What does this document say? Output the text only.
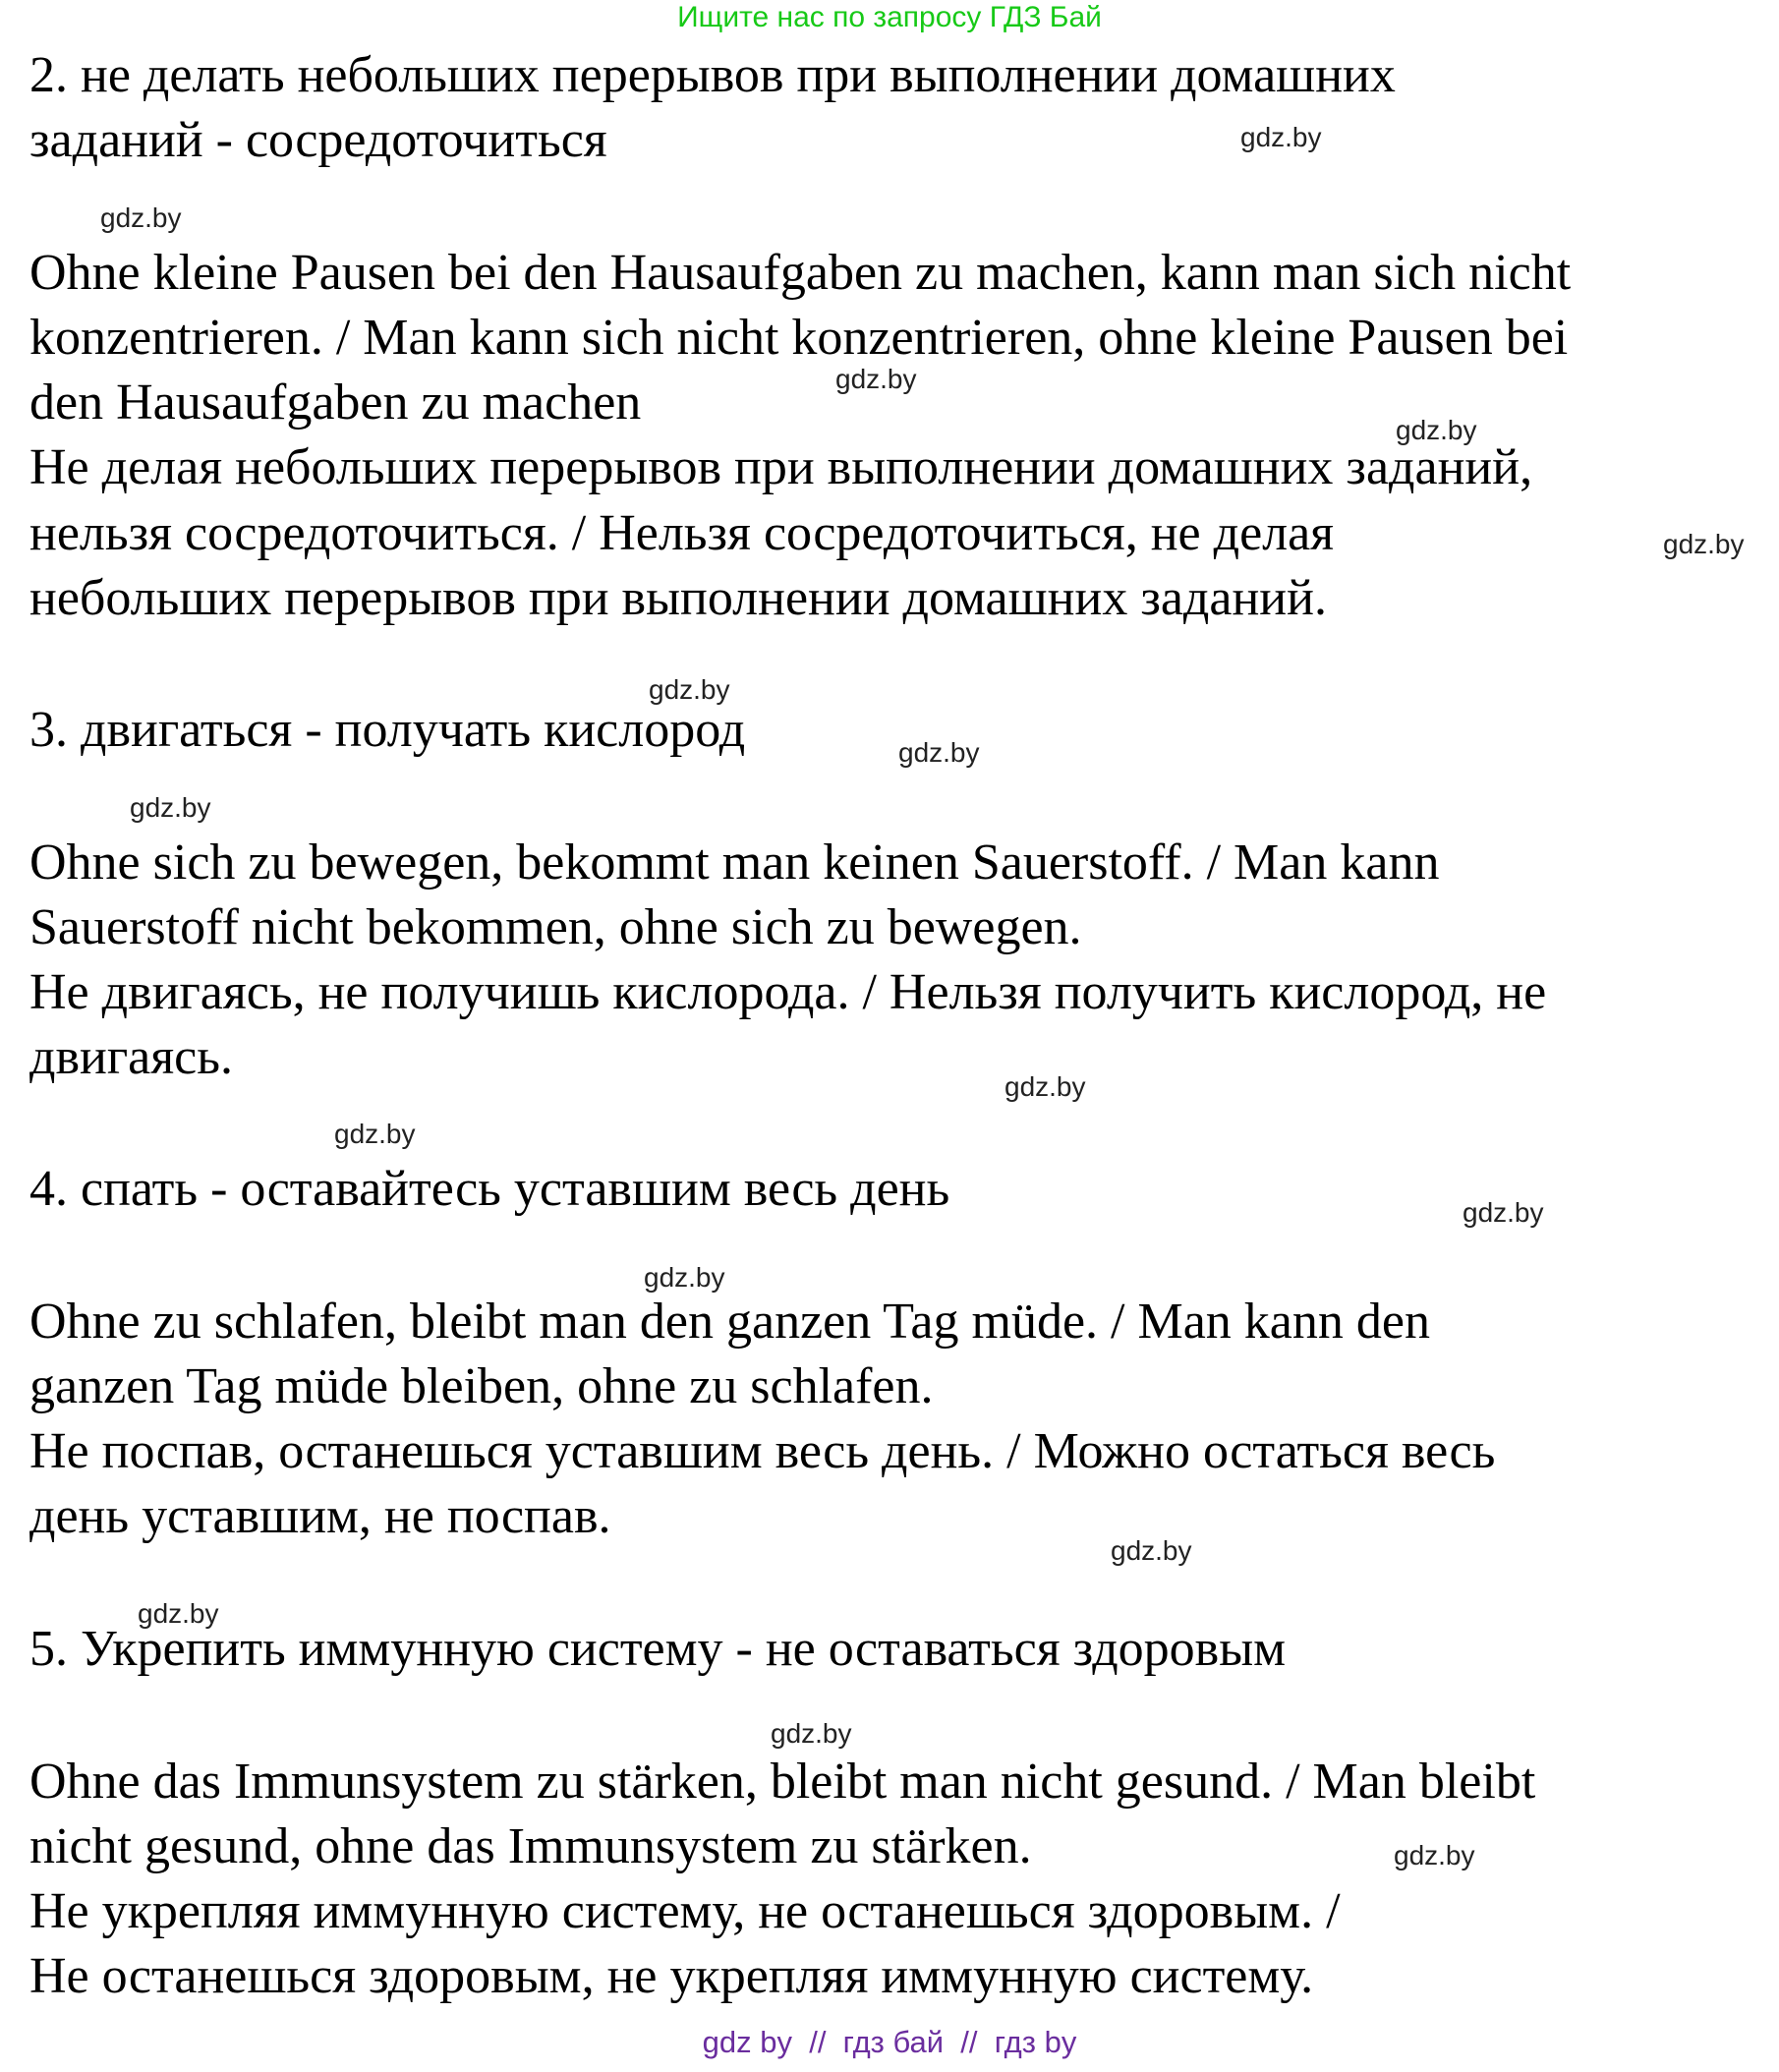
Ищите нас по запросу ГДЗ Бай
2. не делать небольших перерывов при выполнении домашних
заданий - сосредоточиться
Ohne kleine Pausen bei den Hausaufgaben zu machen, kann man sich nicht
konzentrieren. / Man kann sich nicht konzentrieren, ohne kleine Pausen bei
den Hausaufgaben zu machen
Не делая небольших перерывов при выполнении домашних заданий,
нельзя сосредоточиться. / Нельзя сосредоточиться, не делая
небольших перерывов при выполнении домашних заданий.
3. двигаться - получать кислород
Ohne sich zu bewegen, bekommt man keinen Sauerstoff. / Man kann
Sauerstoff nicht bekommen, ohne sich zu bewegen.
Не двигаясь, не получишь кислорода. / Нельзя получить кислород, не
двигаясь.
4. спать - оставайтесь уставшим весь день
Ohne zu schlafen, bleibt man den ganzen Tag müde. / Man kann den
ganzen Tag müde bleiben, ohne zu schlafen.
Не поспав, останешься уставшим весь день. / Можно остаться весь
день уставшим, не поспав.
5. Укрепить иммунную систему - не оставаться здоровым
Ohne das Immunsystem zu stärken, bleibt man nicht gesund. / Man bleibt
nicht gesund, ohne das Immunsystem zu stärken.
Не укрепляя иммунную систему, не останешься здоровым. /
Не останешься здоровым, не укрепляя иммунную систему.
gdz.by
gdz.by
gdz.by
gdz.by
gdz.by
gdz.by
gdz.by
gdz.by
gdz.by
gdz.by
gdz.by
gdz.by
gdz.by
gdz.by
gdz.by
gdz.by
gdz by  //  гдз бай  //  гдз by
